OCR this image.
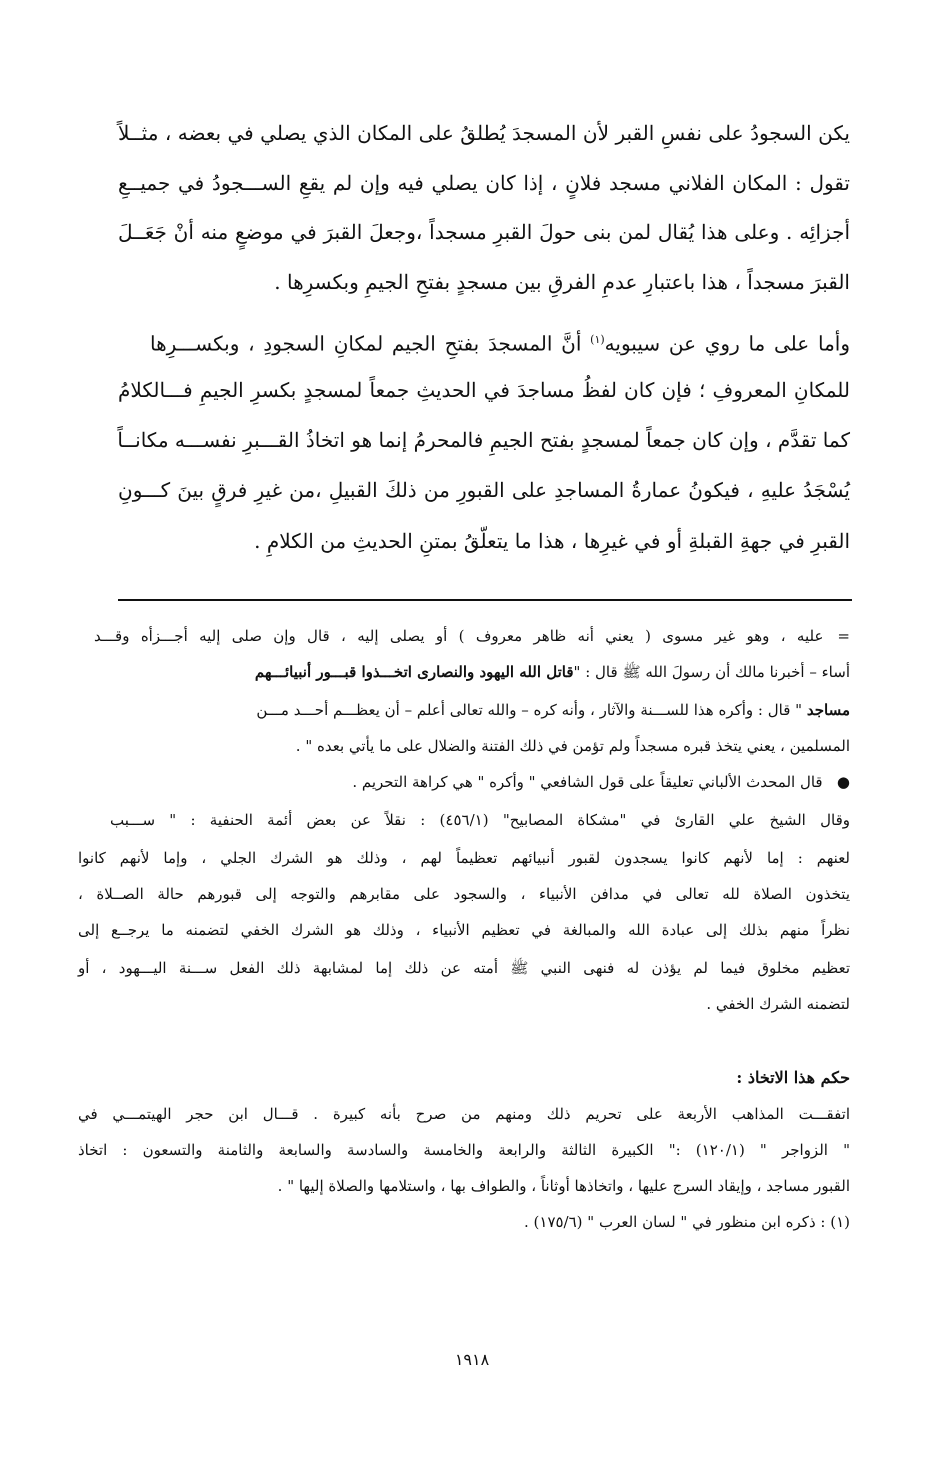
يكن السجودُ على نفسِ القبر لأن المسجدَ يُطلقُ على المكان الذي يصلي في بعضه ، مثــلاً
تقول : المكان الفلاني مسجد فلانٍ ، إذا كان يصلي فيه وإن لم يقعِ الســـجودُ في جميــعِ
أجزائِه . وعلى هذا يُقال لمن بنى حولَ القبرِ مسجداً ،وجعلَ القبرَ في موضعٍ منه أنْ جَعَــلَ
القبرَ مسجداً ، هذا باعتبارِ عدمِ الفرقِ بين مسجدٍ بفتحِ الجيمِ وبكسرِها .
وأما على ما روي عن سيبويه$^{(١)}$ أنَّ المسجدَ بفتحِ الجيم لمكانِ السجودِ ، وبكســـرِها
للمكانِ المعروفِ ؛ فإن كان لفظُ مساجدَ في الحديثِ جمعاً لمسجدٍ بكسرِ الجيمِ فـــالكلامُ
كما تقدَّم ، وإن كان جمعاً لمسجدٍ بفتح الجيمِ فالمحرمُ إنما هو اتخاذُ القـــبرِ نفســـه مكانــاً
يُسْجَدُ عليهِ ، فيكونُ عمارةُ المساجدِ على القبورِ من ذلكَ القبيلِ ،من غيرِ فرقٍ بينَ كـــونِ
القبرِ في جهةِ القبلةِ أو في غيرِها ، هذا ما يتعلّقُ بمتنِ الحديثِ من الكلامِ .
=
عليه ، وهو غير مسوى ( يعني أنه ظاهر معروف ) أو يصلى إليه ، قال وإن صلى إليه أجـــزأه وقـــد
أساء – أخبرنا مالك أن رسولَ الله ﷺ قال : "قاتل الله اليهود والنصارى اتخـــذوا قبـــور أنبيائـــهم
مساجد " قال : وأكره هذا للســـنة والآثار ، وأنه كره – والله تعالى أعلم – أن يعظـــم أحـــد مـــن
المسلمين ، يعني يتخذ قبره مسجداً ولم تؤمن في ذلك الفتنة والضلال على ما يأتي بعده " .
●   قال المحدث الألباني تعليقاً على قول الشافعي " وأكره " هي كراهة التحريم .
وقال الشيخ علي القارئ في "مشكاة المصابيح" (٤٥٦/١) : نقلاً عن بعض أئمة الحنفية : " ســـبب
لعنهم : إما لأنهم كانوا يسجدون لقبور أنبيائهم تعظيماً لهم ، وذلك هو الشرك الجلي ، وإما لأنهم كانوا
يتخذون الصلاة لله تعالى في مدافن الأنبياء ، والسجود على مقابرهم والتوجه إلى قبورهم حالة الصــلاة ،
نظراً منهم بذلك إلى عبادة الله والمبالغة في تعظيم الأنبياء ، وذلك هو الشرك الخفي لتضمنه ما يرجــع إلى
تعظيم مخلوق فيما لم يؤذن له فنهى النبي ﷺ أمته عن ذلك إما لمشابهة ذلك الفعل ســـنة اليـــهود ، أو
لتضمنه الشرك الخفي .
حكم هذا الاتخاذ :
اتفقـــت المذاهب الأربعة على تحريم ذلك ومنهم من صرح بأنه كبيرة . قـــال ابن حجر الهيتمـــي في
" الزواجر " (١٢٠/١) :" الكبيرة الثالثة والرابعة والخامسة والسادسة والسابعة والثامنة والتسعون : اتخاذ
القبور مساجد ، وإيقاد السرج عليها ، واتخاذها أوثاناً ، والطواف بها ، واستلامها والصلاة إليها " .
(١) : ذكره ابن منظور في " لسان العرب " (١٧٥/٦) .
١٩١٨
